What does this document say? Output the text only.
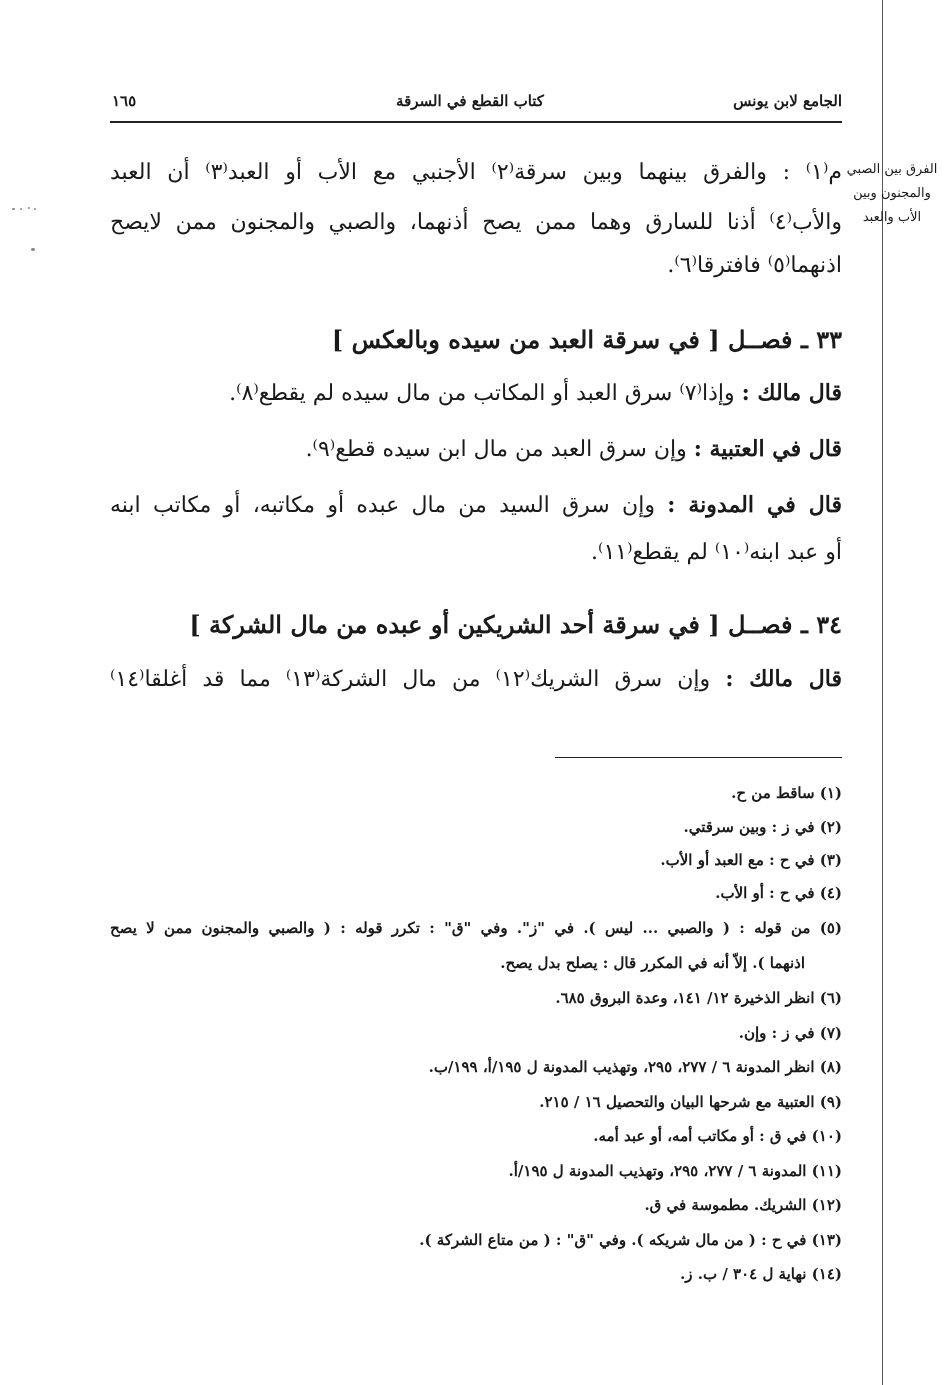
١٦٥	كتاب القطع في السرقة	الجامع لابن يونس
الفرق بين الصبي
والمجنون وبين
الأب والعبد
م⁽١⁾ : والفرق بينهما وبين سرقة⁽٢⁾ الأجنبي مع الأب أو العبد⁽٣⁾ أن العبد
والأب⁽٤⁾ أذنا للسارق وهما ممن يصح أذنهما، والصبي والمجنون ممن لايصح
اذنهما⁽٥⁾ فافترقا⁽٦⁾.
٣٣ ـ فصــل [ في سرقة العبد من سيده وبالعكس ]
قال مالك : وإذا⁽٧⁾ سرق العبد أو المكاتب من مال سيده لم يقطع⁽٨⁾.
قال في العتبية : وإن سرق العبد من مال ابن سيده قطع⁽٩⁾.
قال في المدونة : وإن سرق السيد من مال عبده أو مكاتبه، أو مكاتب ابنه
أو عبد ابنه⁽١٠⁾ لم يقطع⁽١١⁾.
٣٤ ـ فصــل [ في سرقة أحد الشريكين أو عبده من مال الشركة ]
قال مالك : وإن سرق الشريك⁽١٢⁾ من مال الشركة⁽١٣⁾ مما قد أغلقا⁽١٤⁾
(١) ساقط من ح.
(٢) في ز : وبين سرقتي.
(٣) في ح : مع العبد أو الأب.
(٤) في ح : أو الأب.
(٥) من قوله : ( والصبي ... ليس ). في "ز". وفي "ق" : تكرر قوله : ( والصبي والمجنون ممن لا يصح
اذنهما ). إلاّ أنه في المكرر قال : يصلح بدل يصح.
(٦) انظر الذخيرة ١٢/ ١٤١، وعدة البروق ٦٨٥.
(٧) في ز : وإن.
(٨) انظر المدونة ٦ / ٢٧٧، ٢٩٥، وتهذيب المدونة ل ١٩٥/أ، ١٩٩/ب.
(٩) العتبية مع شرحها البيان والتحصيل ١٦ / ٢١٥.
(١٠) في ق : أو مكاتب أمه، أو عبد أمه.
(١١) المدونة ٦ / ٢٧٧، ٢٩٥، وتهذيب المدونة ل ١٩٥/أ.
(١٢) الشريك. مطموسة في ق.
(١٣) في ح : ( من مال شريكه ). وفي "ق" : ( من متاع الشركة ).
(١٤) نهاية ل ٣٠٤ / ب. ز.
